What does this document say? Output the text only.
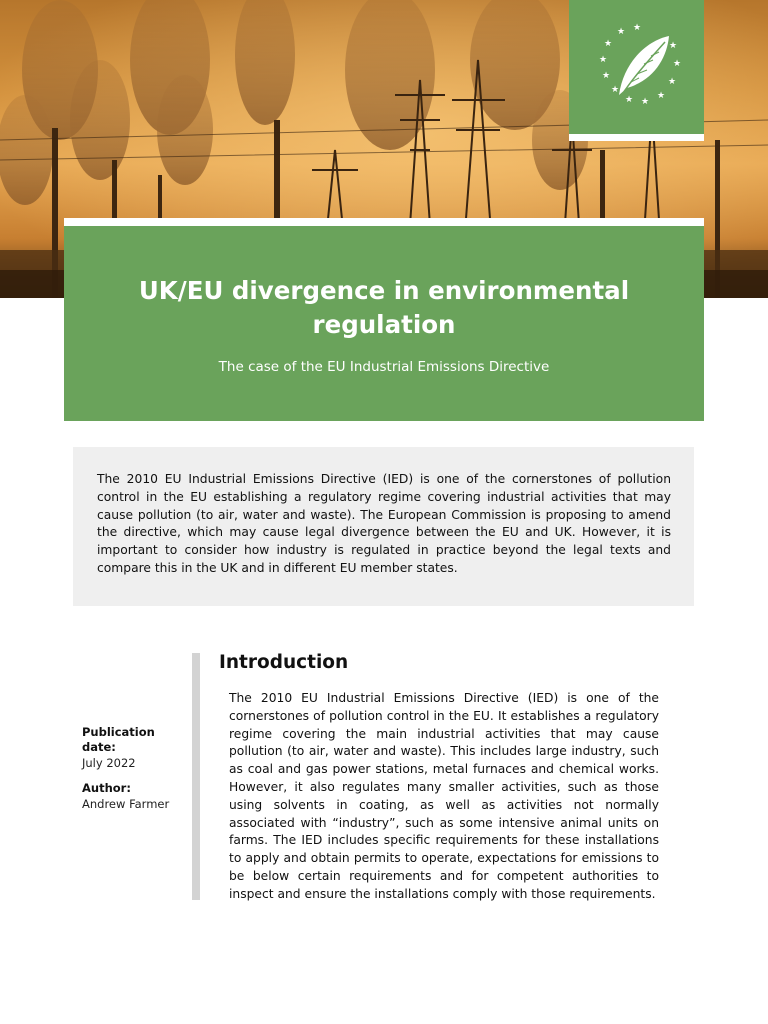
★
★
★
★
★
★
★ ★
★
★
★
★
UK/EU divergence in environmental regulation
The case of the EU Industrial Emissions Directive

The 2010 EU Industrial Emissions Directive (IED) is one of the cornerstones of pollution control in the EU establishing a regulatory regime covering industrial activities that may cause pollution (to air, water and waste). The European Commission is proposing to amend the directive, which may cause legal divergence between the EU and UK. However, it is important to consider how industry is regulated in practice beyond the legal texts and compare this in the UK and in different EU member states.

Publication date:
July 2022
Author:
Andrew Farmer
Introduction

The 2010 EU Industrial Emissions Directive (IED) is one of the cornerstones of pollution control in the EU. It establishes a regulatory regime covering the main industrial activities that may cause pollution (to air, water and waste). This includes large industry, such as coal and gas power stations, metal furnaces and chemical works. However, it also regulates many smaller activities, such as those using solvents in coating, as well as activities not normally associated with “industry”, such as some intensive animal units on farms. The IED includes specific requirements for these installations to apply and obtain permits to operate, expectations for emissions to be below certain requirements and for competent authorities to inspect and ensure the installations comply with those requirements.
